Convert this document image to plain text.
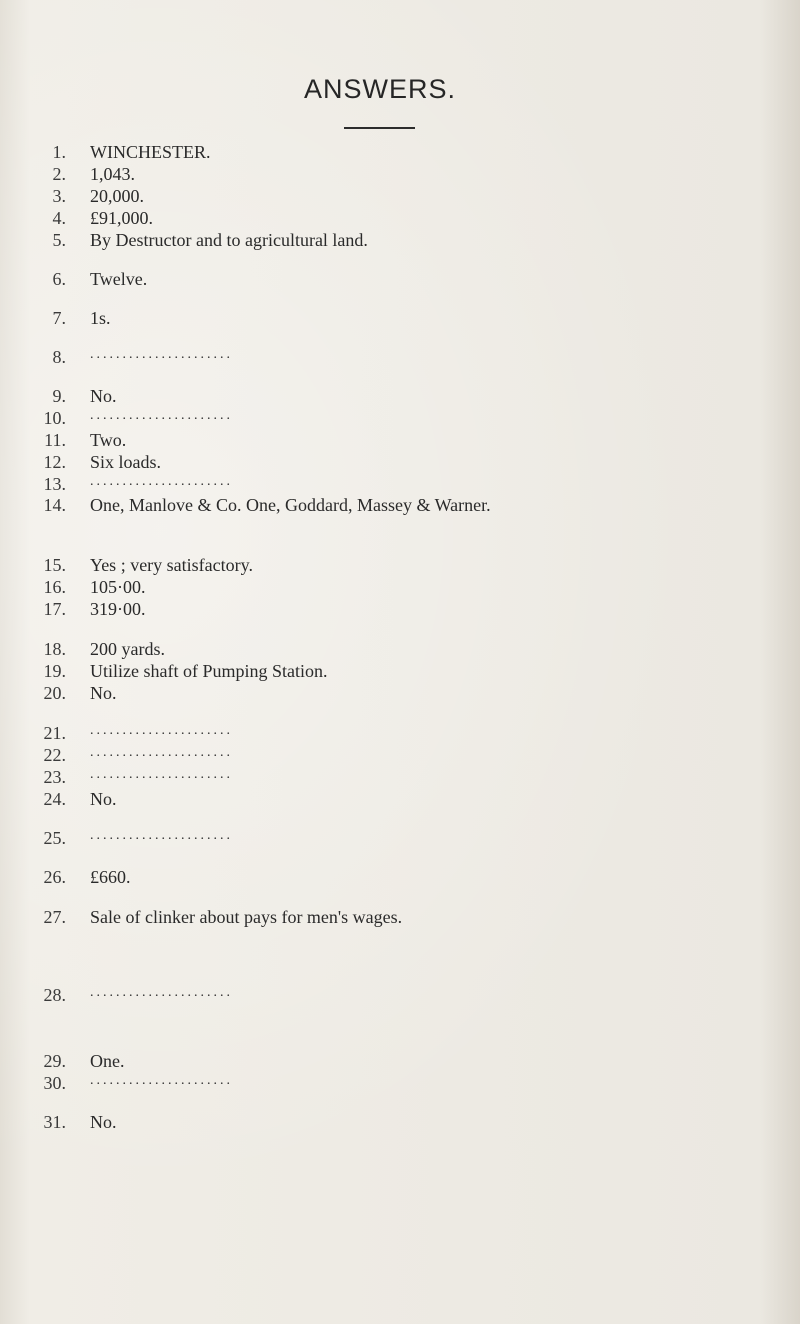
ANSWERS.
1. WINCHESTER.
2. 1,043.
3. 20,000.
4. £91,000.
5. By Destructor and to agricultural land.
6. Twelve.
7. 1s.
8. ......................
9. No.
10. ......................
11. Two.
12. Six loads.
13. ......................
14. One, Manlove & Co. One, Goddard, Massey & Warner.
15. Yes ; very satisfactory.
16. 105·00.
17. 319·00.
18. 200 yards.
19. Utilize shaft of Pumping Station.
20. No.
21. ......................
22. ......................
23. ......................
24. No.
25. ......................
26. £660.
27. Sale of clinker about pays for men's wages.
28. ......................
29. One.
30. ......................
31. No.
